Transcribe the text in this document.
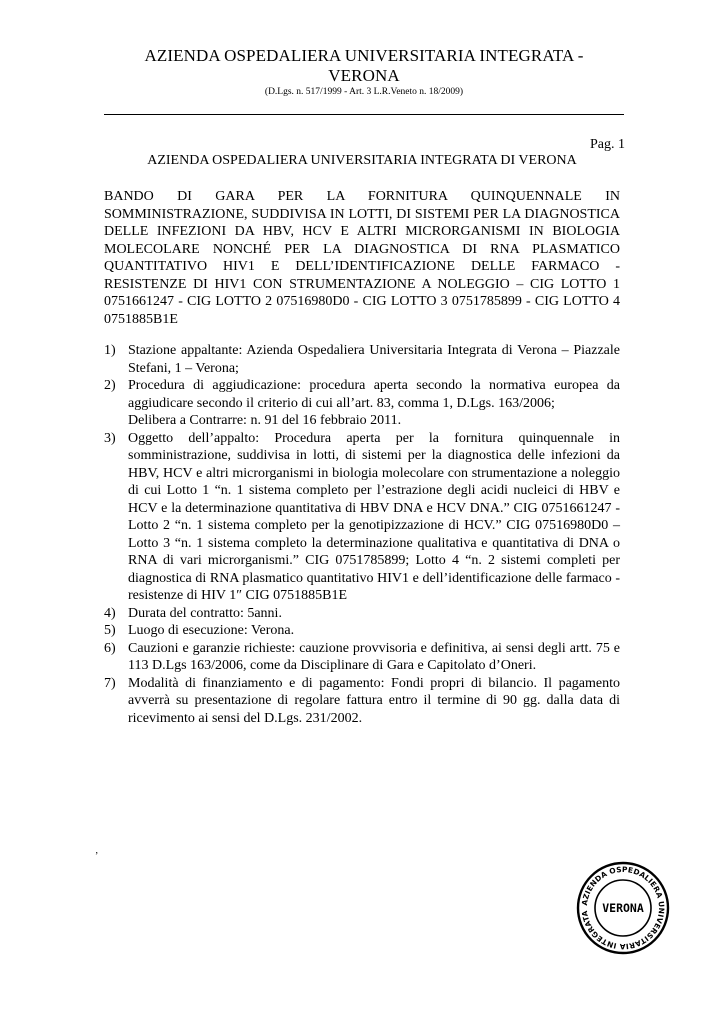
AZIENDA OSPEDALIERA UNIVERSITARIA INTEGRATA -
VERONA
(D.Lgs. n. 517/1999 - Art. 3 L.R.Veneto n. 18/2009)
Pag. 1
AZIENDA OSPEDALIERA UNIVERSITARIA INTEGRATA DI VERONA

BANDO DI GARA PER LA FORNITURA QUINQUENNALE IN SOMMINISTRAZIONE, SUDDIVISA IN LOTTI, DI SISTEMI PER LA DIAGNOSTICA DELLE INFEZIONI DA HBV, HCV E ALTRI MICRORGANISMI IN BIOLOGIA MOLECOLARE NONCHÉ PER LA DIAGNOSTICA DI RNA PLASMATICO QUANTITATIVO HIV1 E DELL’IDENTIFICAZIONE DELLE FARMACO - RESISTENZE DI HIV1 CON STRUMENTAZIONE A NOLEGGIO – CIG LOTTO 1 0751661247 - CIG LOTTO 2 07516980D0 - CIG LOTTO 3 0751785899 - CIG LOTTO 4 0751885B1E

1) Stazione appaltante: Azienda Ospedaliera Universitaria Integrata di Verona – Piazzale Stefani, 1 – Verona;
2) Procedura di aggiudicazione: procedura aperta secondo la normativa europea da aggiudicare secondo il criterio di cui all’art. 83, comma 1, D.Lgs. 163/2006;
Delibera a Contrarre: n. 91 del 16 febbraio 2011.
3) Oggetto dell’appalto: Procedura aperta per la fornitura quinquennale in somministrazione, suddivisa in lotti, di sistemi per la diagnostica delle infezioni da HBV, HCV e altri microrganismi in biologia molecolare con strumentazione a noleggio di cui Lotto 1 “n. 1 sistema completo per l’estrazione degli acidi nucleici di HBV e HCV e la determinazione quantitativa di HBV DNA e HCV DNA.” CIG 0751661247 - Lotto 2 “n. 1 sistema completo per la genotipizzazione di HCV.” CIG 07516980D0 – Lotto 3 “n. 1 sistema completo la determinazione qualitativa e quantitativa di DNA o RNA di vari microrganismi.” CIG 0751785899; Lotto 4 “n. 2 sistemi completi per diagnostica di RNA plasmatico quantitativo HIV1 e dell’identificazione delle farmaco - resistenze di HIV 1″ CIG 0751885B1E
4) Durata del contratto: 5anni.
5) Luogo di esecuzione: Verona.
6) Cauzioni e garanzie richieste: cauzione provvisoria e definitiva, ai sensi degli artt. 75 e 113 D.Lgs 163/2006, come da Disciplinare di Gara e Capitolato d’Oneri.
7) Modalità di finanziamento e di pagamento: Fondi propri di bilancio. Il pagamento avverrà su presentazione di regolare fattura entro il termine di 90 gg. dalla data di ricevimento ai sensi del D.Lgs. 231/2002.
‚
AZIENDA OSPEDALIERA UNIVERSITARIA INTEGRATA	VERONA
